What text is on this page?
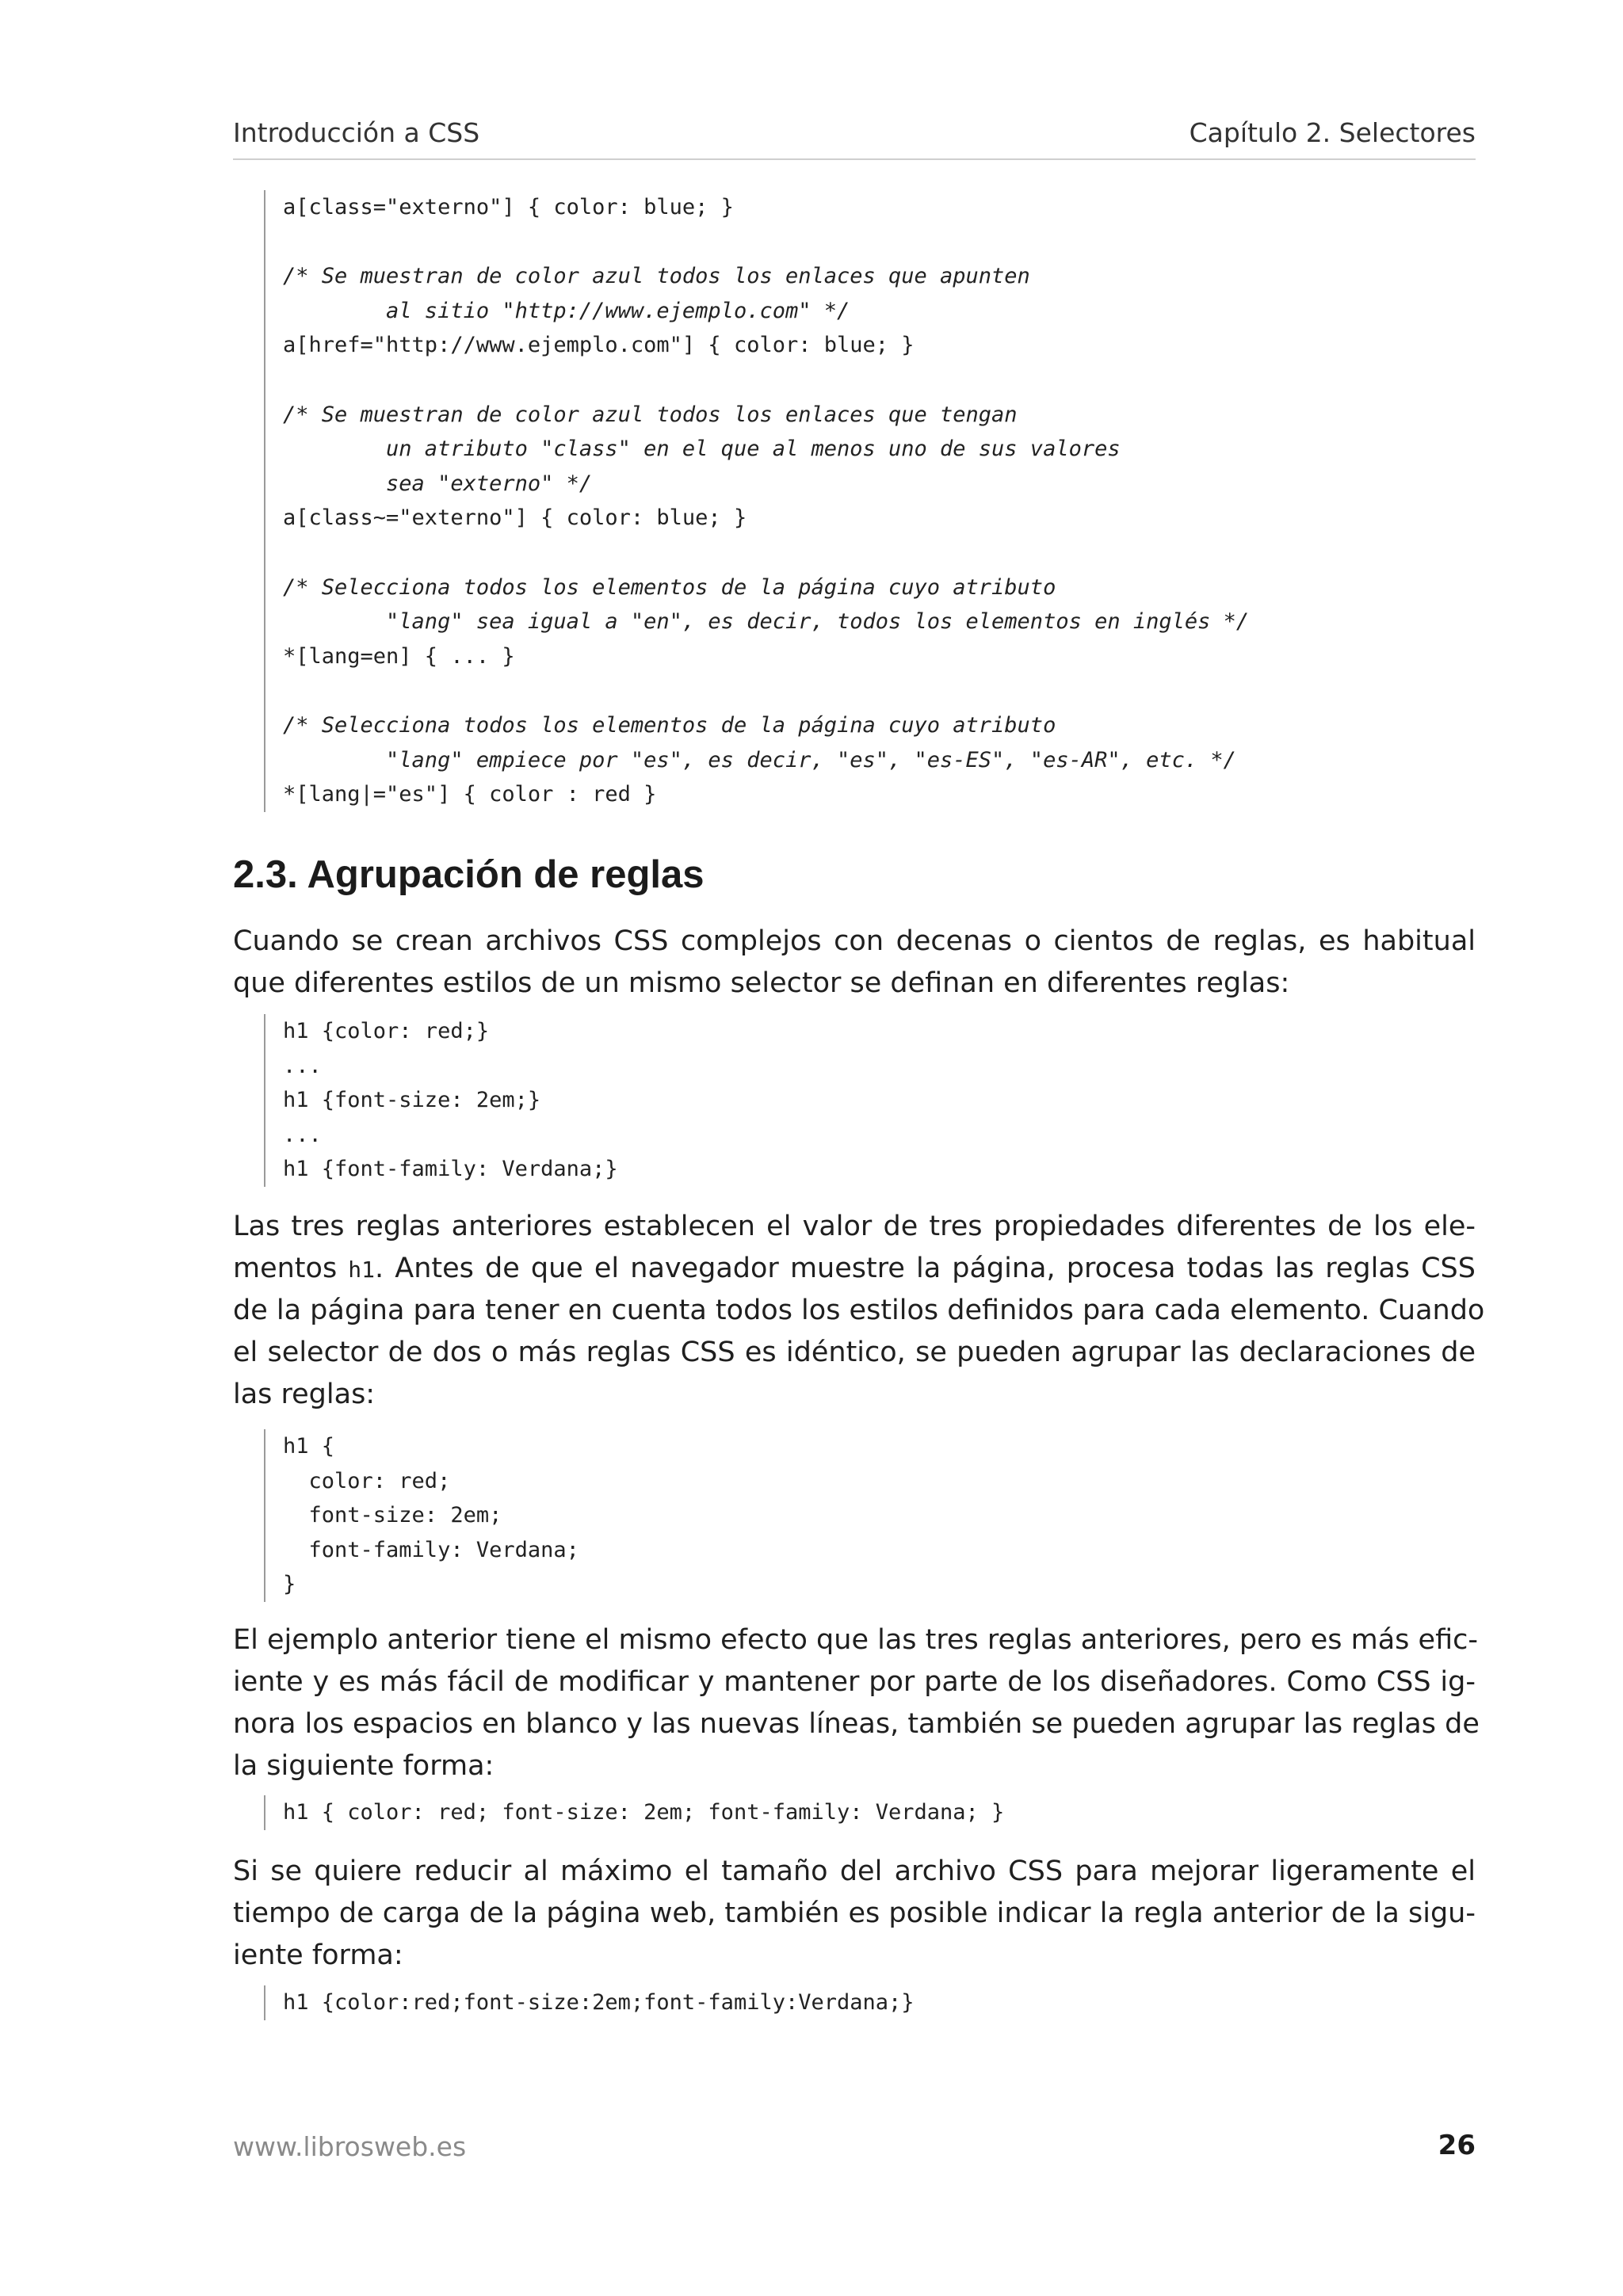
Introducción a CSS	Capítulo 2. Selectores
a[class="externo"] { color: blue; }
/* Se muestran de color azul todos los enlaces que apunten
al sitio "http://www.ejemplo.com" */
a[href="http://www.ejemplo.com"] { color: blue; }
/* Se muestran de color azul todos los enlaces que tengan
un atributo "class" en el que al menos uno de sus valores
sea "externo" */
a[class~="externo"] { color: blue; }
/* Selecciona todos los elementos de la página cuyo atributo
"lang" sea igual a "en", es decir, todos los elementos en inglés */
*[lang=en] { ... }
/* Selecciona todos los elementos de la página cuyo atributo
"lang" empiece por "es", es decir, "es", "es-ES", "es-AR", etc. */
*[lang|="es"] { color : red }
2.3. Agrupación de reglas
Cuando se crean archivos CSS complejos con decenas o cientos de reglas, es habitual
que diferentes estilos de un mismo selector se definan en diferentes reglas:
h1 {color: red;}
...
h1 {font-size: 2em;}
...
h1 {font-family: Verdana;}
Las tres reglas anteriores establecen el valor de tres propiedades diferentes de los ele-
mentos h1. Antes de que el navegador muestre la página, procesa todas las reglas CSS
de la página para tener en cuenta todos los estilos definidos para cada elemento. Cuando
el selector de dos o más reglas CSS es idéntico, se pueden agrupar las declaraciones de
las reglas:
h1 {
color: red;
font-size: 2em;
font-family: Verdana;
}
El ejemplo anterior tiene el mismo efecto que las tres reglas anteriores, pero es más efic-
iente y es más fácil de modificar y mantener por parte de los diseñadores. Como CSS ig-
nora los espacios en blanco y las nuevas líneas, también se pueden agrupar las reglas de
la siguiente forma:
h1 { color: red; font-size: 2em; font-family: Verdana; }
Si se quiere reducir al máximo el tamaño del archivo CSS para mejorar ligeramente el
tiempo de carga de la página web, también es posible indicar la regla anterior de la sigu-
iente forma:
h1 {color:red;font-size:2em;font-family:Verdana;}
www.librosweb.es	26
